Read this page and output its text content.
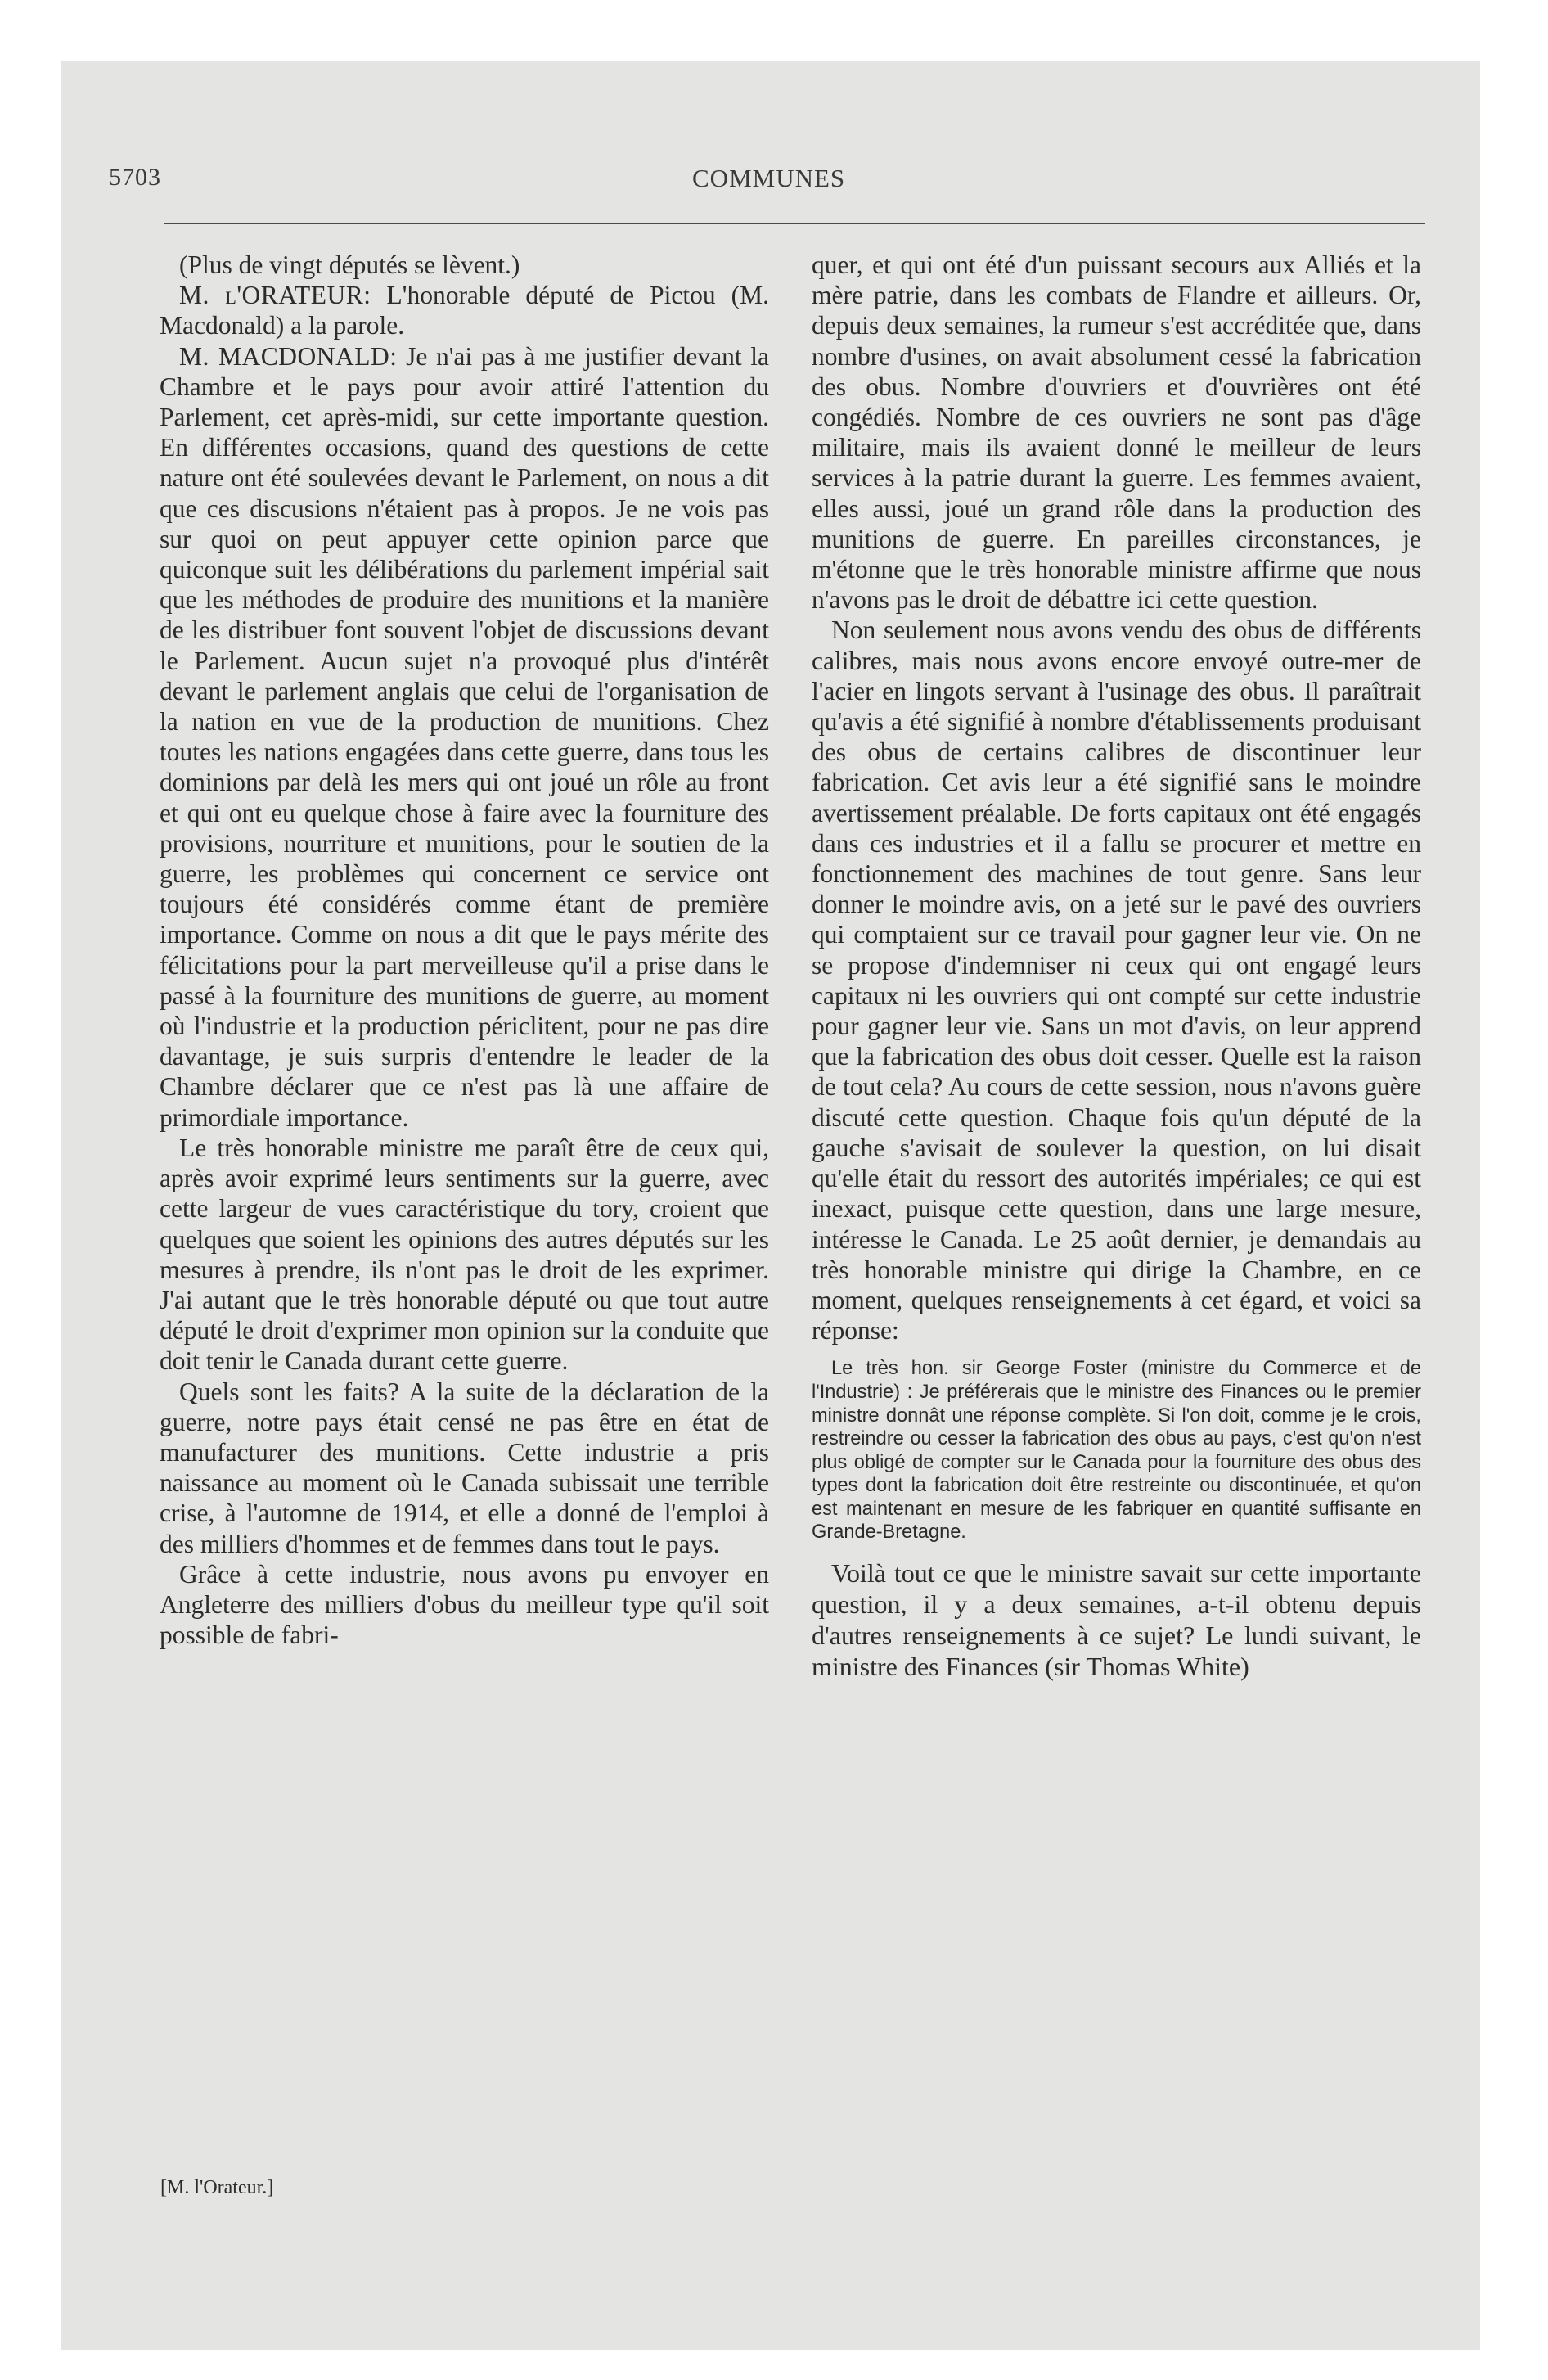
5703	COMMUNES

(Plus de vingt députés se lèvent.)

M. l'ORATEUR: L'honorable député de Pictou (M. Macdonald) a la parole.

M. MACDONALD: Je n'ai pas à me justifier devant la Chambre et le pays pour avoir attiré l'attention du Parlement, cet après-midi, sur cette importante question. En différentes occasions, quand des questions de cette nature ont été soulevées devant le Parlement, on nous a dit que ces discusions n'étaient pas à propos. Je ne vois pas sur quoi on peut appuyer cette opinion parce que quiconque suit les délibérations du parlement impérial sait que les méthodes de produire des munitions et la manière de les distribuer font souvent l'objet de discussions devant le Parlement. Aucun sujet n'a provoqué plus d'intérêt devant le parlement anglais que celui de l'organisation de la nation en vue de la production de munitions. Chez toutes les nations engagées dans cette guerre, dans tous les dominions par delà les mers qui ont joué un rôle au front et qui ont eu quelque chose à faire avec la fourniture des provisions, nourriture et munitions, pour le soutien de la guerre, les problèmes qui concernent ce service ont toujours été considérés comme étant de première importance. Comme on nous a dit que le pays mérite des félicitations pour la part merveilleuse qu'il a prise dans le passé à la fourniture des munitions de guerre, au moment où l'industrie et la production périclitent, pour ne pas dire davantage, je suis surpris d'entendre le leader de la Chambre déclarer que ce n'est pas là une affaire de primordiale importance.

Le très honorable ministre me paraît être de ceux qui, après avoir exprimé leurs sentiments sur la guerre, avec cette largeur de vues caractéristique du tory, croient que quelques que soient les opinions des autres députés sur les mesures à prendre, ils n'ont pas le droit de les exprimer. J'ai autant que le très honorable député ou que tout autre député le droit d'exprimer mon opinion sur la conduite que doit tenir le Canada durant cette guerre.

Quels sont les faits? A la suite de la déclaration de la guerre, notre pays était censé ne pas être en état de manufacturer des munitions. Cette industrie a pris naissance au moment où le Canada subissait une terrible crise, à l'automne de 1914, et elle a donné de l'emploi à des milliers d'hommes et de femmes dans tout le pays.

Grâce à cette industrie, nous avons pu envoyer en Angleterre des milliers d'obus du meilleur type qu'il soit possible de fabri-

quer, et qui ont été d'un puissant secours aux Alliés et la mère patrie, dans les combats de Flandre et ailleurs. Or, depuis deux semaines, la rumeur s'est accréditée que, dans nombre d'usines, on avait absolument cessé la fabrication des obus. Nombre d'ouvriers et d'ouvrières ont été congédiés. Nombre de ces ouvriers ne sont pas d'âge militaire, mais ils avaient donné le meilleur de leurs services à la patrie durant la guerre. Les femmes avaient, elles aussi, joué un grand rôle dans la production des munitions de guerre. En pareilles circonstances, je m'étonne que le très honorable ministre affirme que nous n'avons pas le droit de débattre ici cette question.

Non seulement nous avons vendu des obus de différents calibres, mais nous avons encore envoyé outre-mer de l'acier en lingots servant à l'usinage des obus. Il paraîtrait qu'avis a été signifié à nombre d'établissements produisant des obus de certains calibres de discontinuer leur fabrication. Cet avis leur a été signifié sans le moindre avertissement préalable. De forts capitaux ont été engagés dans ces industries et il a fallu se procurer et mettre en fonctionnement des machines de tout genre. Sans leur donner le moindre avis, on a jeté sur le pavé des ouvriers qui comptaient sur ce travail pour gagner leur vie. On ne se propose d'indemniser ni ceux qui ont engagé leurs capitaux ni les ouvriers qui ont compté sur cette industrie pour gagner leur vie. Sans un mot d'avis, on leur apprend que la fabrication des obus doit cesser. Quelle est la raison de tout cela? Au cours de cette session, nous n'avons guère discuté cette question. Chaque fois qu'un député de la gauche s'avisait de soulever la question, on lui disait qu'elle était du ressort des autorités impériales; ce qui est inexact, puisque cette question, dans une large mesure, intéresse le Canada. Le 25 août dernier, je demandais au très honorable ministre qui dirige la Chambre, en ce moment, quelques renseignements à cet égard, et voici sa réponse:

Le très hon. sir George Foster (ministre du Commerce et de l'Industrie) : Je préférerais que le ministre des Finances ou le premier ministre donnât une réponse complète. Si l'on doit, comme je le crois, restreindre ou cesser la fabrication des obus au pays, c'est qu'on n'est plus obligé de compter sur le Canada pour la fourniture des obus des types dont la fabrication doit être restreinte ou discontinuée, et qu'on est maintenant en mesure de les fabriquer en quantité suffisante en Grande-Bretagne.

Voilà tout ce que le ministre savait sur cette importante question, il y a deux semaines, a-t-il obtenu depuis d'autres renseignements à ce sujet? Le lundi suivant, le ministre des Finances (sir Thomas White)

[M. l'Orateur.]
